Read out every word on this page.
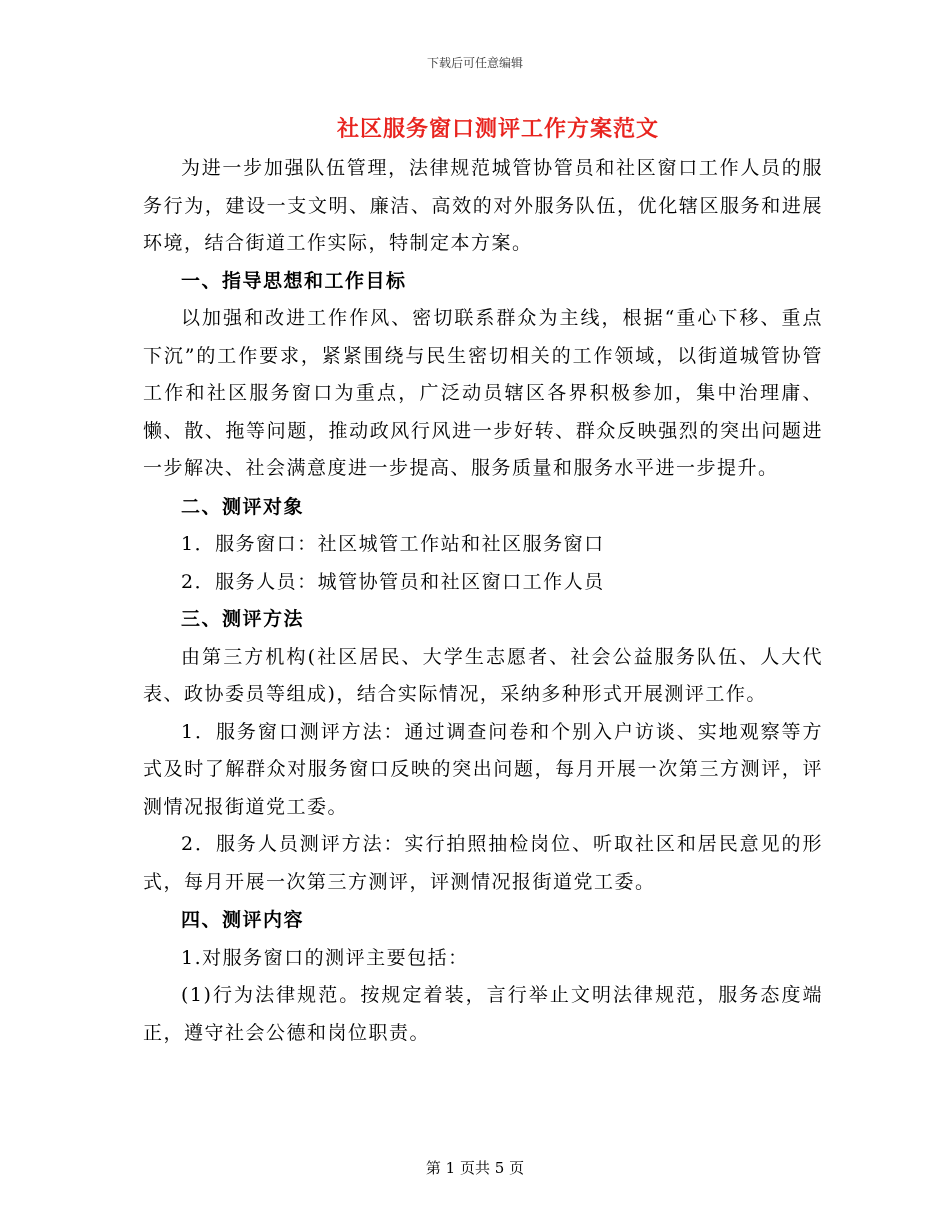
下载后可任意编辑
社区服务窗口测评工作方案范文

为进一步加强队伍管理，法律规范城管协管员和社区窗口工作人员的服务行为，建设一支文明、廉洁、高效的对外服务队伍，优化辖区服务和进展环境，结合街道工作实际，特制定本方案。

一、指导思想和工作目标

以加强和改进工作作风、密切联系群众为主线，根据“重心下移、重点下沉”的工作要求，紧紧围绕与民生密切相关的工作领域，以街道城管协管工作和社区服务窗口为重点，广泛动员辖区各界积极参加，集中治理庸、懒、散、拖等问题，推动政风行风进一步好转、群众反映强烈的突出问题进一步解决、社会满意度进一步提高、服务质量和服务水平进一步提升。

二、测评对象

1．服务窗口：社区城管工作站和社区服务窗口

2．服务人员：城管协管员和社区窗口工作人员

三、测评方法

由第三方机构(社区居民、大学生志愿者、社会公益服务队伍、人大代表、政协委员等组成)，结合实际情况，采纳多种形式开展测评工作。

1．服务窗口测评方法：通过调查问卷和个别入户访谈、实地观察等方式及时了解群众对服务窗口反映的突出问题，每月开展一次第三方测评，评测情况报街道党工委。

2．服务人员测评方法：实行拍照抽检岗位、听取社区和居民意见的形式，每月开展一次第三方测评，评测情况报街道党工委。

四、测评内容

1.对服务窗口的测评主要包括：

(1)行为法律规范。按规定着装，言行举止文明法律规范，服务态度端正，遵守社会公德和岗位职责。

第 1 页共 5 页
